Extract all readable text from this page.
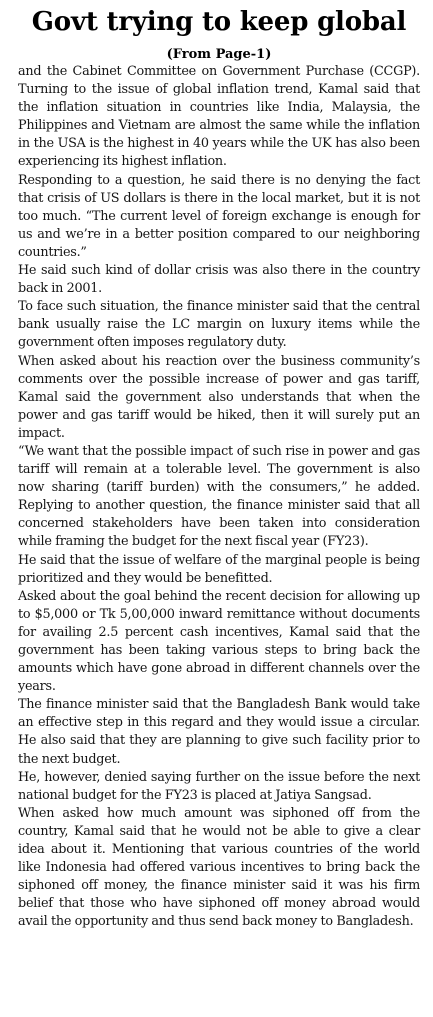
Govt trying to keep global
(From Page-1)

and the Cabinet Committee on Government Purchase (CCGP). Turning to the issue of global inflation trend, Kamal said that the inflation situation in countries like India, Malaysia, the Philippines and Vietnam are almost the same while the inflation in the USA is the highest in 40 years while the UK has also been experiencing its highest inflation.

Responding to a question, he said there is no denying the fact that crisis of US dollars is there in the local market, but it is not too much. “The current level of foreign exchange is enough for us and we’re in a better position compared to our neighboring countries.”

He said such kind of dollar crisis was also there in the country back in 2001.

To face such situation, the finance minister said that the central bank usually raise the LC margin on luxury items while the government often imposes regulatory duty.

When asked about his reaction over the business community’s comments over the possible increase of power and gas tariff, Kamal said the government also understands that when the power and gas tariff would be hiked, then it will surely put an impact.

“We want that the possible impact of such rise in power and gas tariff will remain at a tolerable level. The government is also now sharing (tariff burden) with the consumers,” he added. Replying to another question, the finance minister said that all concerned stakeholders have been taken into consideration while framing the budget for the next fiscal year (FY23).

He said that the issue of welfare of the marginal people is being prioritized and they would be benefitted.

Asked about the goal behind the recent decision for allowing up to $5,000 or Tk 5,00,000 inward remittance without documents for availing 2.5 percent cash incentives, Kamal said that the government has been taking various steps to bring back the amounts which have gone abroad in different channels over the years.

The finance minister said that the Bangladesh Bank would take an effective step in this regard and they would issue a circular. He also said that they are planning to give such facility prior to the next budget.

He, however, denied saying further on the issue before the next national budget for the FY23 is placed at Jatiya Sangsad.

When asked how much amount was siphoned off from the country, Kamal said that he would not be able to give a clear idea about it. Mentioning that various countries of the world like Indonesia had offered various incentives to bring back the siphoned off money, the finance minister said it was his firm belief that those who have siphoned off money abroad would avail the opportunity and thus send back money to Bangladesh.
